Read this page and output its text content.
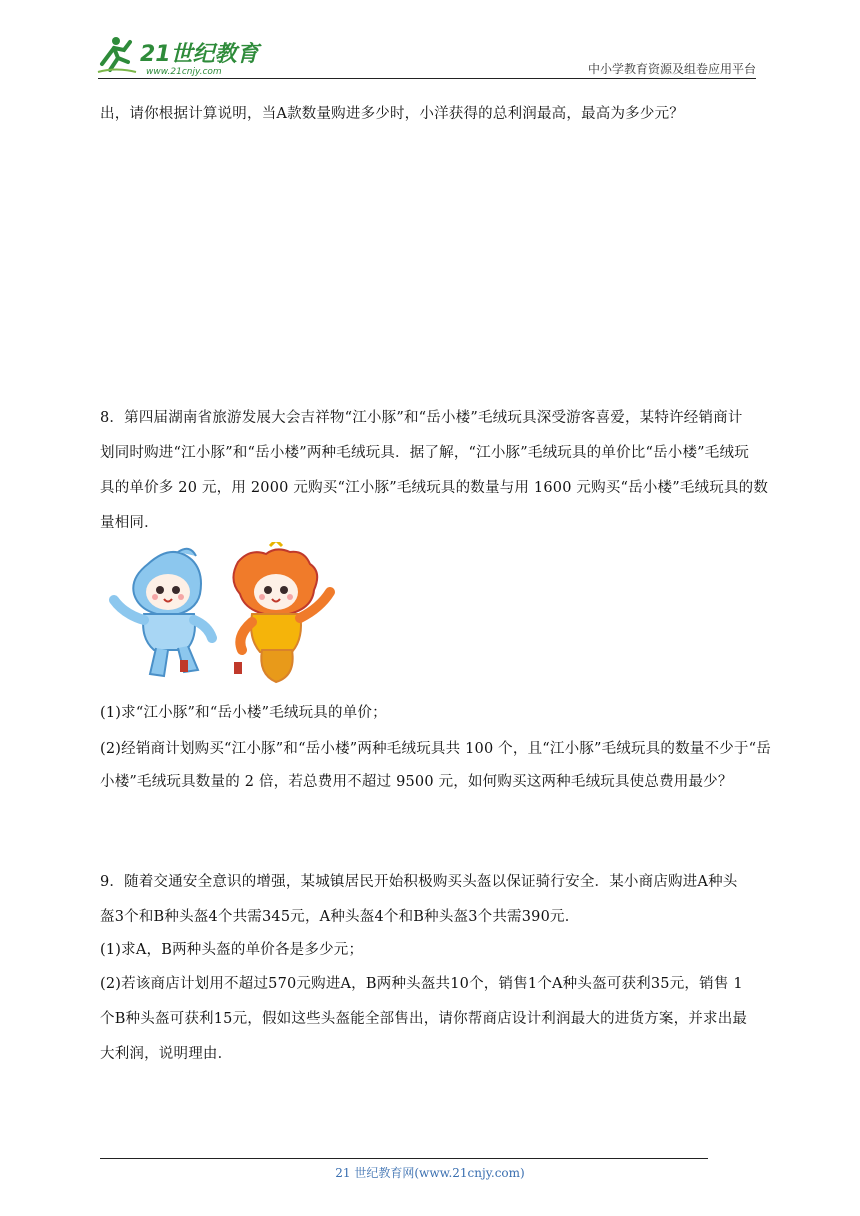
21世纪教育
www.21cnjy.com	中小学教育资源及组卷应用平台

出，请你根据计算说明，当A款数量购进多少时，小洋获得的总利润最高，最高为多少元？

8．第四届湖南省旅游发展大会吉祥物“江小豚”和“岳小楼”毛绒玩具深受游客喜爱，某特许经销商计

划同时购进“江小豚”和“岳小楼”两种毛绒玩具．据了解，“江小豚”毛绒玩具的单价比“岳小楼”毛绒玩

具的单价多 20 元，用 2000 元购买“江小豚”毛绒玩具的数量与用 1600 元购买“岳小楼”毛绒玩具的数

量相同．

(1)求“江小豚”和“岳小楼”毛绒玩具的单价；

(2)经销商计划购买“江小豚”和“岳小楼”两种毛绒玩具共 100 个，且“江小豚”毛绒玩具的数量不少于“岳

小楼”毛绒玩具数量的 2 倍，若总费用不超过 9500 元，如何购买这两种毛绒玩具使总费用最少？

9．随着交通安全意识的增强，某城镇居民开始积极购买头盔以保证骑行安全．某小商店购进A种头

盔3个和B种头盔4个共需345元，A种头盔4个和B种头盔3个共需390元．

(1)求A，B两种头盔的单价各是多少元；

(2)若该商店计划用不超过570元购进A，B两种头盔共10个，销售1个A种头盔可获利35元，销售 1

个B种头盔可获利15元，假如这些头盔能全部售出，请你帮商店设计利润最大的进货方案，并求出最

大利润，说明理由．

21 世纪教育网(www.21cnjy.com)
